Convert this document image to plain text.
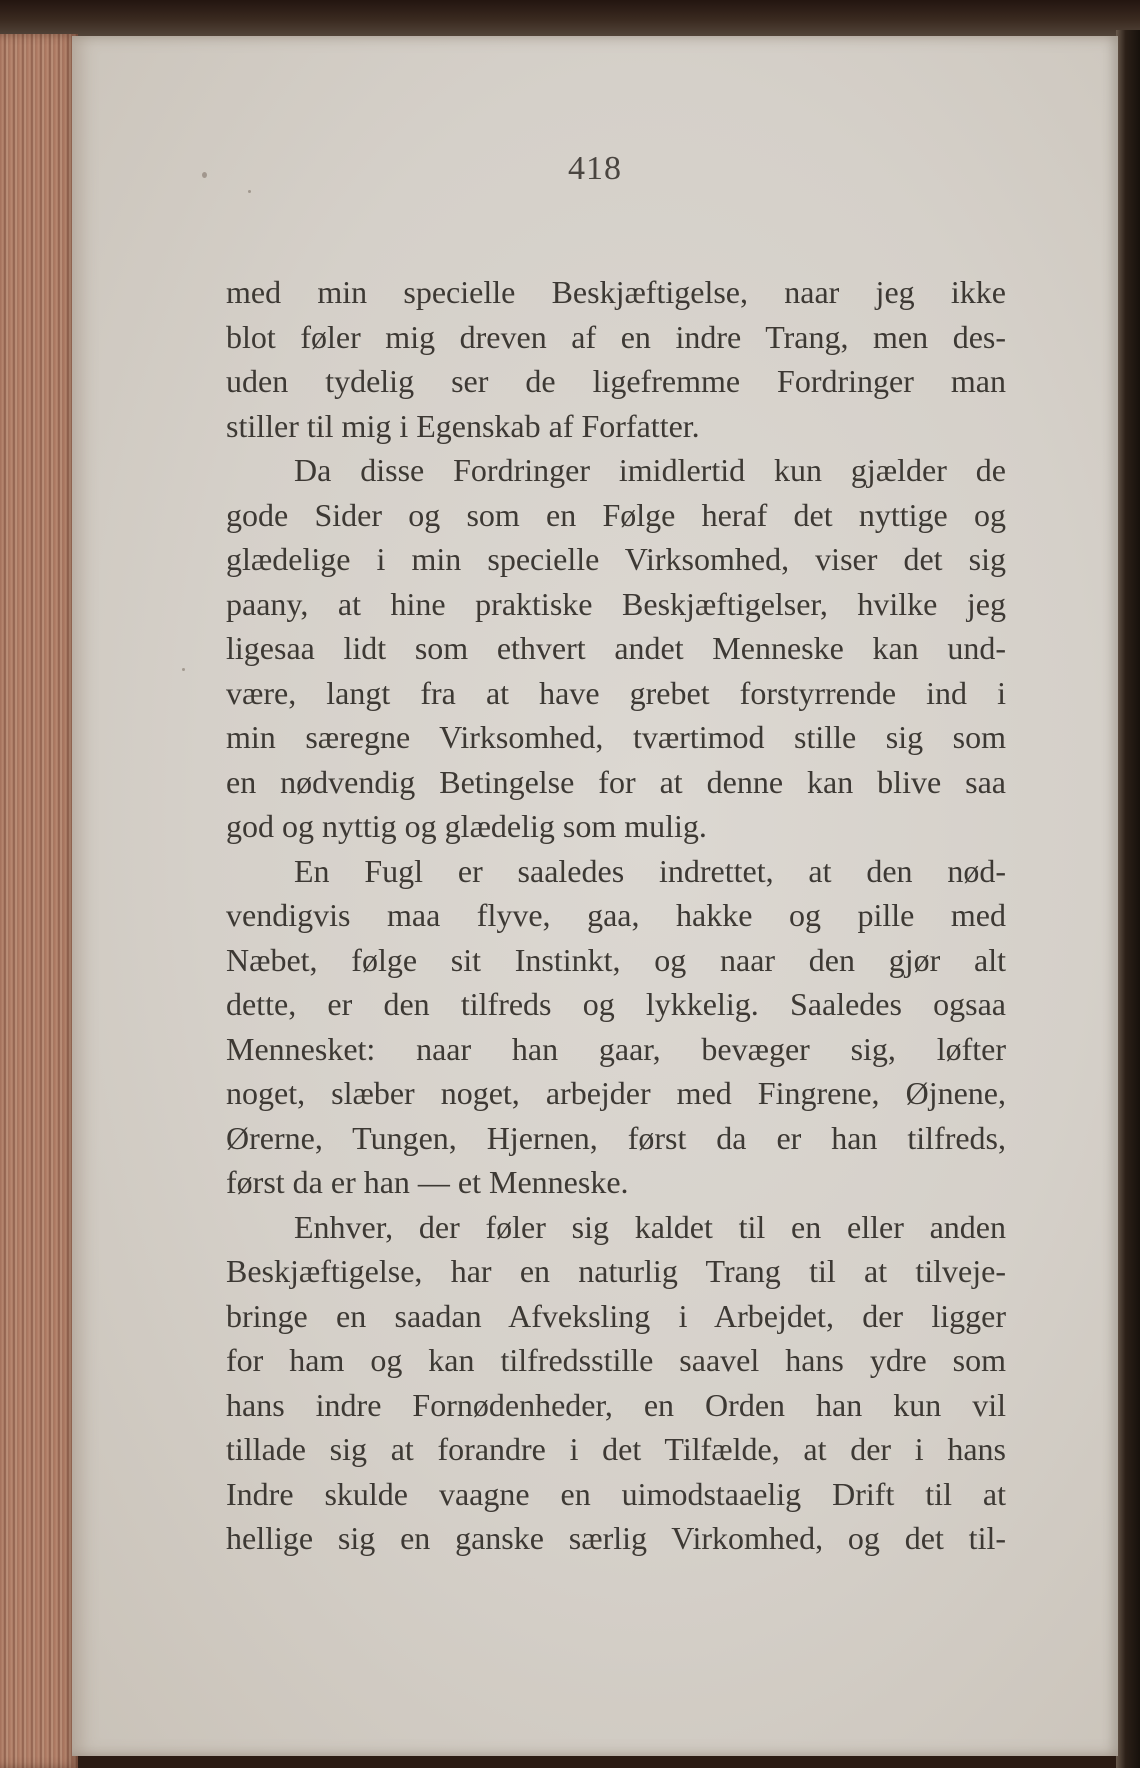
418
med min specielle Beskjæftigelse, naar jeg ikke
blot føler mig dreven af en indre Trang, men des-
uden tydelig ser de ligefremme Fordringer man
stiller til mig i Egenskab af Forfatter.
Da disse Fordringer imidlertid kun gjælder de
gode Sider og som en Følge heraf det nyttige og
glædelige i min specielle Virksomhed, viser det sig
paany, at hine praktiske Beskjæftigelser, hvilke jeg
ligesaa lidt som ethvert andet Menneske kan und-
være, langt fra at have grebet forstyrrende ind i
min særegne Virksomhed, tværtimod stille sig som
en nødvendig Betingelse for at denne kan blive saa
god og nyttig og glædelig som mulig.
En Fugl er saaledes indrettet, at den nød-
vendigvis maa flyve, gaa, hakke og pille med
Næbet, følge sit Instinkt, og naar den gjør alt
dette, er den tilfreds og lykkelig. Saaledes ogsaa
Mennesket: naar han gaar, bevæger sig, løfter
noget, slæber noget, arbejder med Fingrene, Øjnene,
Ørerne, Tungen, Hjernen, først da er han tilfreds,
først da er han — et Menneske.
Enhver, der føler sig kaldet til en eller anden
Beskjæftigelse, har en naturlig Trang til at tilveje-
bringe en saadan Afveksling i Arbejdet, der ligger
for ham og kan tilfredsstille saavel hans ydre som
hans indre Fornødenheder, en Orden han kun vil
tillade sig at forandre i det Tilfælde, at der i hans
Indre skulde vaagne en uimodstaaelig Drift til at
hellige sig en ganske særlig Virkomhed, og det til-
